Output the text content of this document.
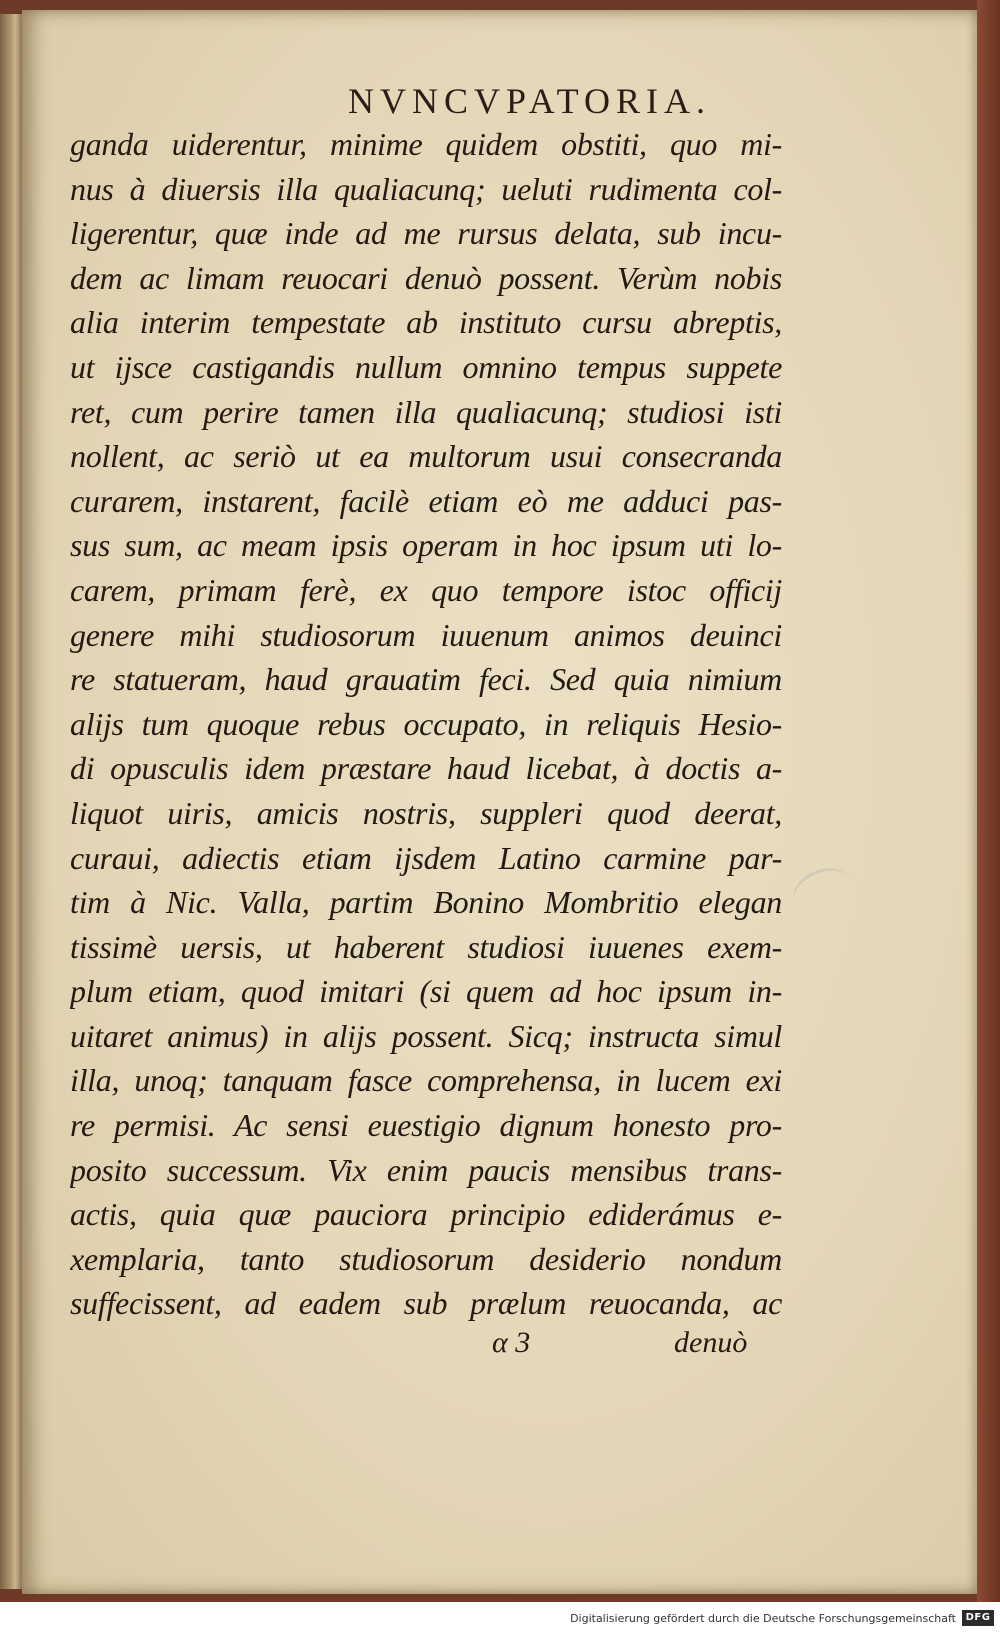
NVNCVPATORIA.
ganda uiderentur, minime quidem obstiti, quo mi-
nus à diuersis illa qualiacunq; ueluti rudimenta col-
ligerentur, quæ inde ad me rursus delata, sub incu-
dem ac limam reuocari denuò possent. Verùm nobis
alia interim tempestate ab instituto cursu abreptis,
ut ijsce castigandis nullum omnino tempus suppete
ret, cum perire tamen illa qualiacunq; studiosi isti
nollent, ac seriò ut ea multorum usui consecranda
curarem, instarent, facilè etiam eò me adduci pas-
sus sum, ac meam ipsis operam in hoc ipsum uti lo-
carem, primam ferè, ex quo tempore istoc officij
genere mihi studiosorum iuuenum animos deuinci
re statueram, haud grauatim feci. Sed quia nimium
alijs tum quoque rebus occupato, in reliquis Hesio-
di opusculis idem præstare haud licebat, à doctis a-
liquot uiris, amicis nostris, suppleri quod deerat,
curaui, adiectis etiam ijsdem Latino carmine par-
tim à Nic. Valla, partim Bonino Mombritio elegan
tissimè uersis, ut haberent studiosi iuuenes exem-
plum etiam, quod imitari (si quem ad hoc ipsum in-
uitaret animus) in alijs possent. Sicq; instructa simul
illa, unoq; tanquam fasce comprehensa, in lucem exi
re permisi. Ac sensi euestigio dignum honesto pro-
posito successum. Vix enim paucis mensibus trans-
actis, quia quæ pauciora principio ediderámus e-
xemplaria, tanto studiosorum desiderio nondum
suffecissent, ad eadem sub prælum reuocanda, ac
α 3	denuò
Digitalisierung gefördert durch die Deutsche Forschungsgemeinschaft DFG
